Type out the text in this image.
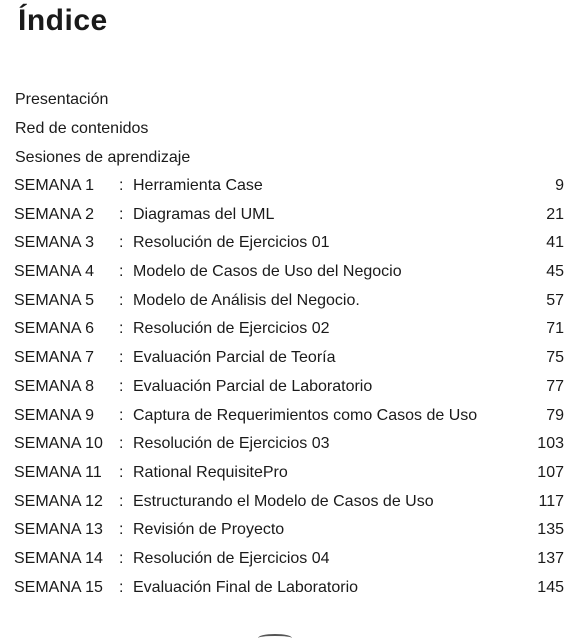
Índice
Presentación
Red de contenidos
Sesiones de aprendizaje
SEMANA 1 : Herramienta Case	9
SEMANA 2 : Diagramas del UML	21
SEMANA 3 : Resolución de Ejercicios 01	41
SEMANA 4 : Modelo de Casos de Uso del Negocio	45
SEMANA 5 : Modelo de Análisis del Negocio.	57
SEMANA 6 : Resolución de Ejercicios 02	71
SEMANA 7 : Evaluación Parcial de Teoría	75
SEMANA 8 : Evaluación Parcial de Laboratorio	77
SEMANA 9 : Captura de Requerimientos como Casos de Uso	79
SEMANA 10 : Resolución de Ejercicios 03	103
SEMANA 11 : Rational RequisitePro	107
SEMANA 12 : Estructurando el Modelo de Casos de Uso	117
SEMANA 13 : Revisión de Proyecto	135
SEMANA 14 : Resolución de Ejercicios 04	137
SEMANA 15 : Evaluación Final de Laboratorio	145
